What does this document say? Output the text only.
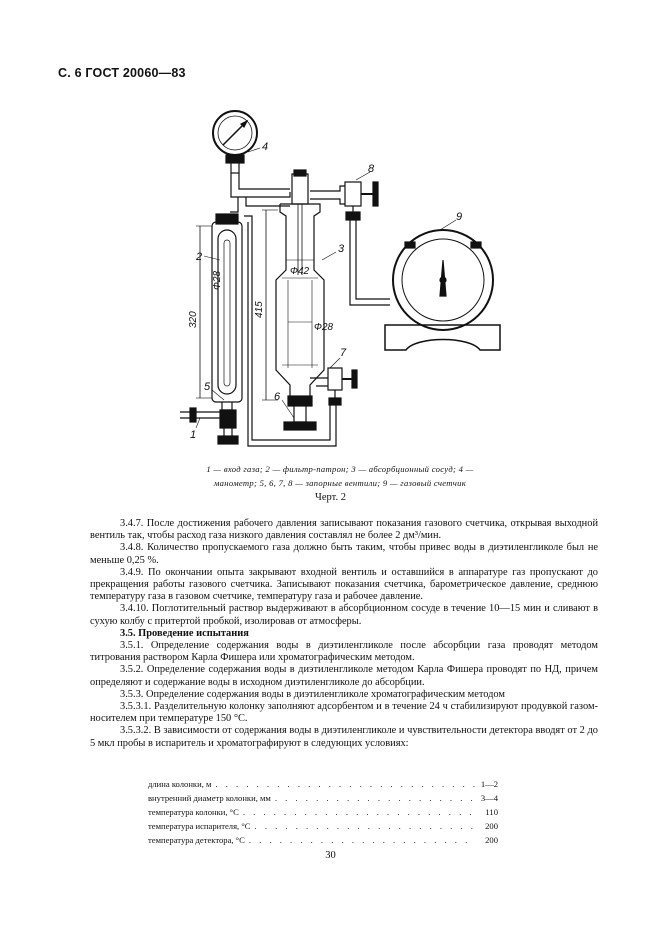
С. 6 ГОСТ 20060—83
4
2
3
8
9
7
6
5
1
Ф28
320
415
Ф42
Ф28
1 — вход газа; 2 — фильтр-патрон; 3 — абсорбционный сосуд; 4 —
манометр; 5, 6, 7, 8 — запорные вентили; 9 — газовый счетчик
Черт. 2

3.4.7. После достижения рабочего давления записывают показания газового счетчика, открывая выходной вентиль так, чтобы расход газа низкого давления составлял не более 2 дм³/мин.

3.4.8. Количество пропускаемого газа должно быть таким, чтобы привес воды в диэтиленгликоле был не меньше 0,25 %.

3.4.9. По окончании опыта закрывают входной вентиль и оставшийся в аппаратуре газ пропускают до прекращения работы газового счетчика. Записывают показания счетчика, барометрическое давление, среднюю температуру газа в газовом счетчике, температуру газа и рабочее давление.

3.4.10. Поглотительный раствор выдерживают в абсорбционном сосуде в течение 10—15 мин и сливают в сухую колбу с притертой пробкой, изолировав от атмосферы.

3.5. Проведение испытания

3.5.1. Определение содержания воды в диэтиленгликоле после абсорбции газа проводят методом титрования раствором Карла Фишера или хроматографическим методом.

3.5.2. Определение содержания воды в диэтиленгликоле методом Карла Фишера проводят по НД, причем определяют и содержание воды в исходном диэтиленгликоле до абсорбции.

3.5.3. Определение содержания воды в диэтиленгликоле хроматографическим методом

3.5.3.1. Разделительную колонку заполняют адсорбентом и в течение 24 ч стабилизируют продувкой газом-носителем при температуре 150 °С.

3.5.3.2. В зависимости от содержания воды в диэтиленгликоле и чувствительности детектора вводят от 2 до 5 мкл пробы в испаритель и хроматографируют в следующих условиях:

длина колонки, м . . .	1—2
внутренний диаметр колонки, мм . . .	3—4
температура колонки, °С . . .	110
температура испарителя, °С . . .	200
температура детектора, °С . . .	200
30
